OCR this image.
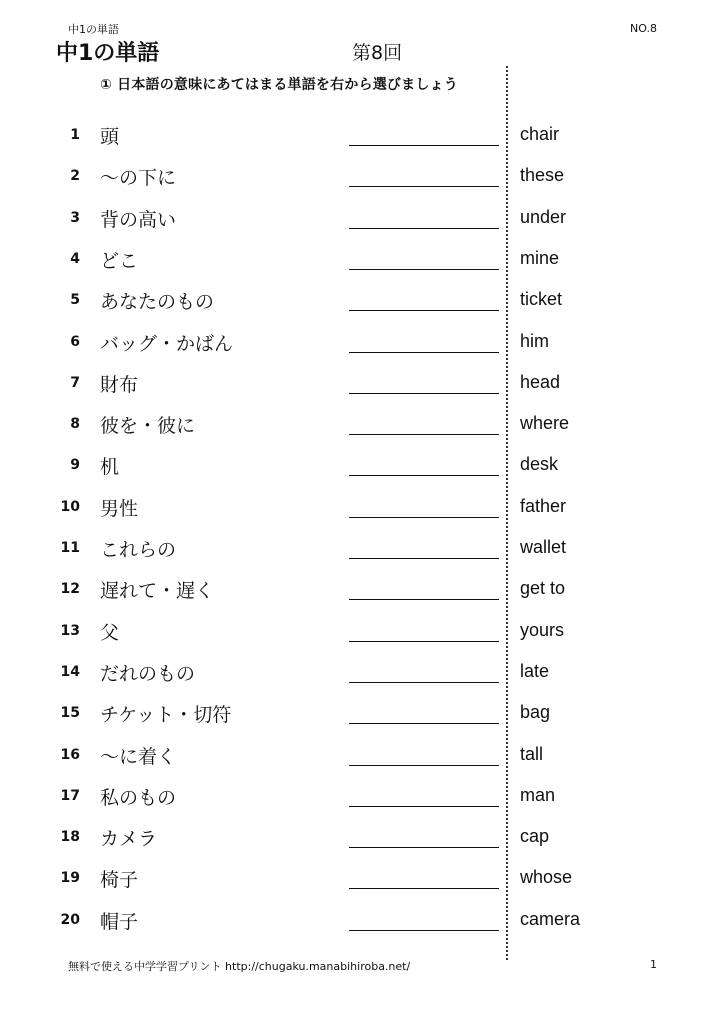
中1の単語
中1の単語	第8回
NO.8
① 日本語の意味にあてはまる単語を右から選びましょう
1 頭	chair
2 〜の下に	these
3 背の高い	under
4 どこ	mine
5 あなたのもの	ticket
6 バッグ・かばん	him
7 財布	head
8 彼を・彼に	where
9 机	desk
10 男性	father
11 これらの	wallet
12 遅れて・遅く	get to
13 父	yours
14 だれのもの	late
15 チケット・切符	bag
16 〜に着く	tall
17 私のもの	man
18 カメラ	cap
19 椅子	whose
20 帽子	camera
無料で使える中学学習プリント http://chugaku.manabihiroba.net/	1
